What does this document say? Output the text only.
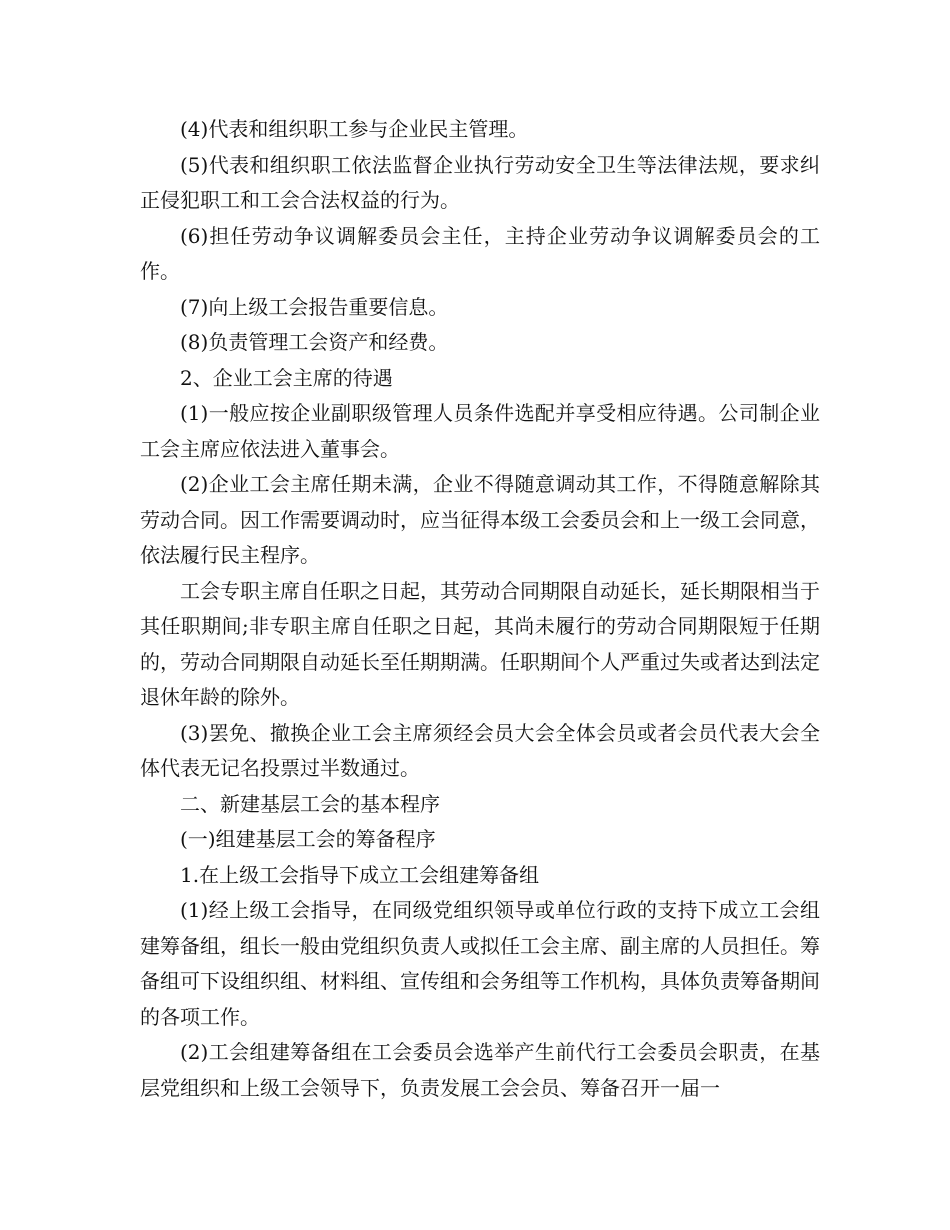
(4)代表和组织职工参与企业民主管理。

(5)代表和组织职工依法监督企业执行劳动安全卫生等法律法规，要求纠正侵犯职工和工会合法权益的行为。

(6)担任劳动争议调解委员会主任，主持企业劳动争议调解委员会的工作。

(7)向上级工会报告重要信息。

(8)负责管理工会资产和经费。

2、企业工会主席的待遇

(1)一般应按企业副职级管理人员条件选配并享受相应待遇。公司制企业工会主席应依法进入董事会。

(2)企业工会主席任期未满，企业不得随意调动其工作，不得随意解除其劳动合同。因工作需要调动时，应当征得本级工会委员会和上一级工会同意，依法履行民主程序。

工会专职主席自任职之日起，其劳动合同期限自动延长，延长期限相当于其任职期间;非专职主席自任职之日起，其尚未履行的劳动合同期限短于任期的，劳动合同期限自动延长至任期期满。任职期间个人严重过失或者达到法定退休年龄的除外。

(3)罢免、撤换企业工会主席须经会员大会全体会员或者会员代表大会全体代表无记名投票过半数通过。

二、新建基层工会的基本程序

(一)组建基层工会的筹备程序

1.在上级工会指导下成立工会组建筹备组

(1)经上级工会指导，在同级党组织领导或单位行政的支持下成立工会组建筹备组，组长一般由党组织负责人或拟任工会主席、副主席的人员担任。筹备组可下设组织组、材料组、宣传组和会务组等工作机构，具体负责筹备期间的各项工作。

(2)工会组建筹备组在工会委员会选举产生前代行工会委员会职责，在基层党组织和上级工会领导下，负责发展工会会员、筹备召开一届一
